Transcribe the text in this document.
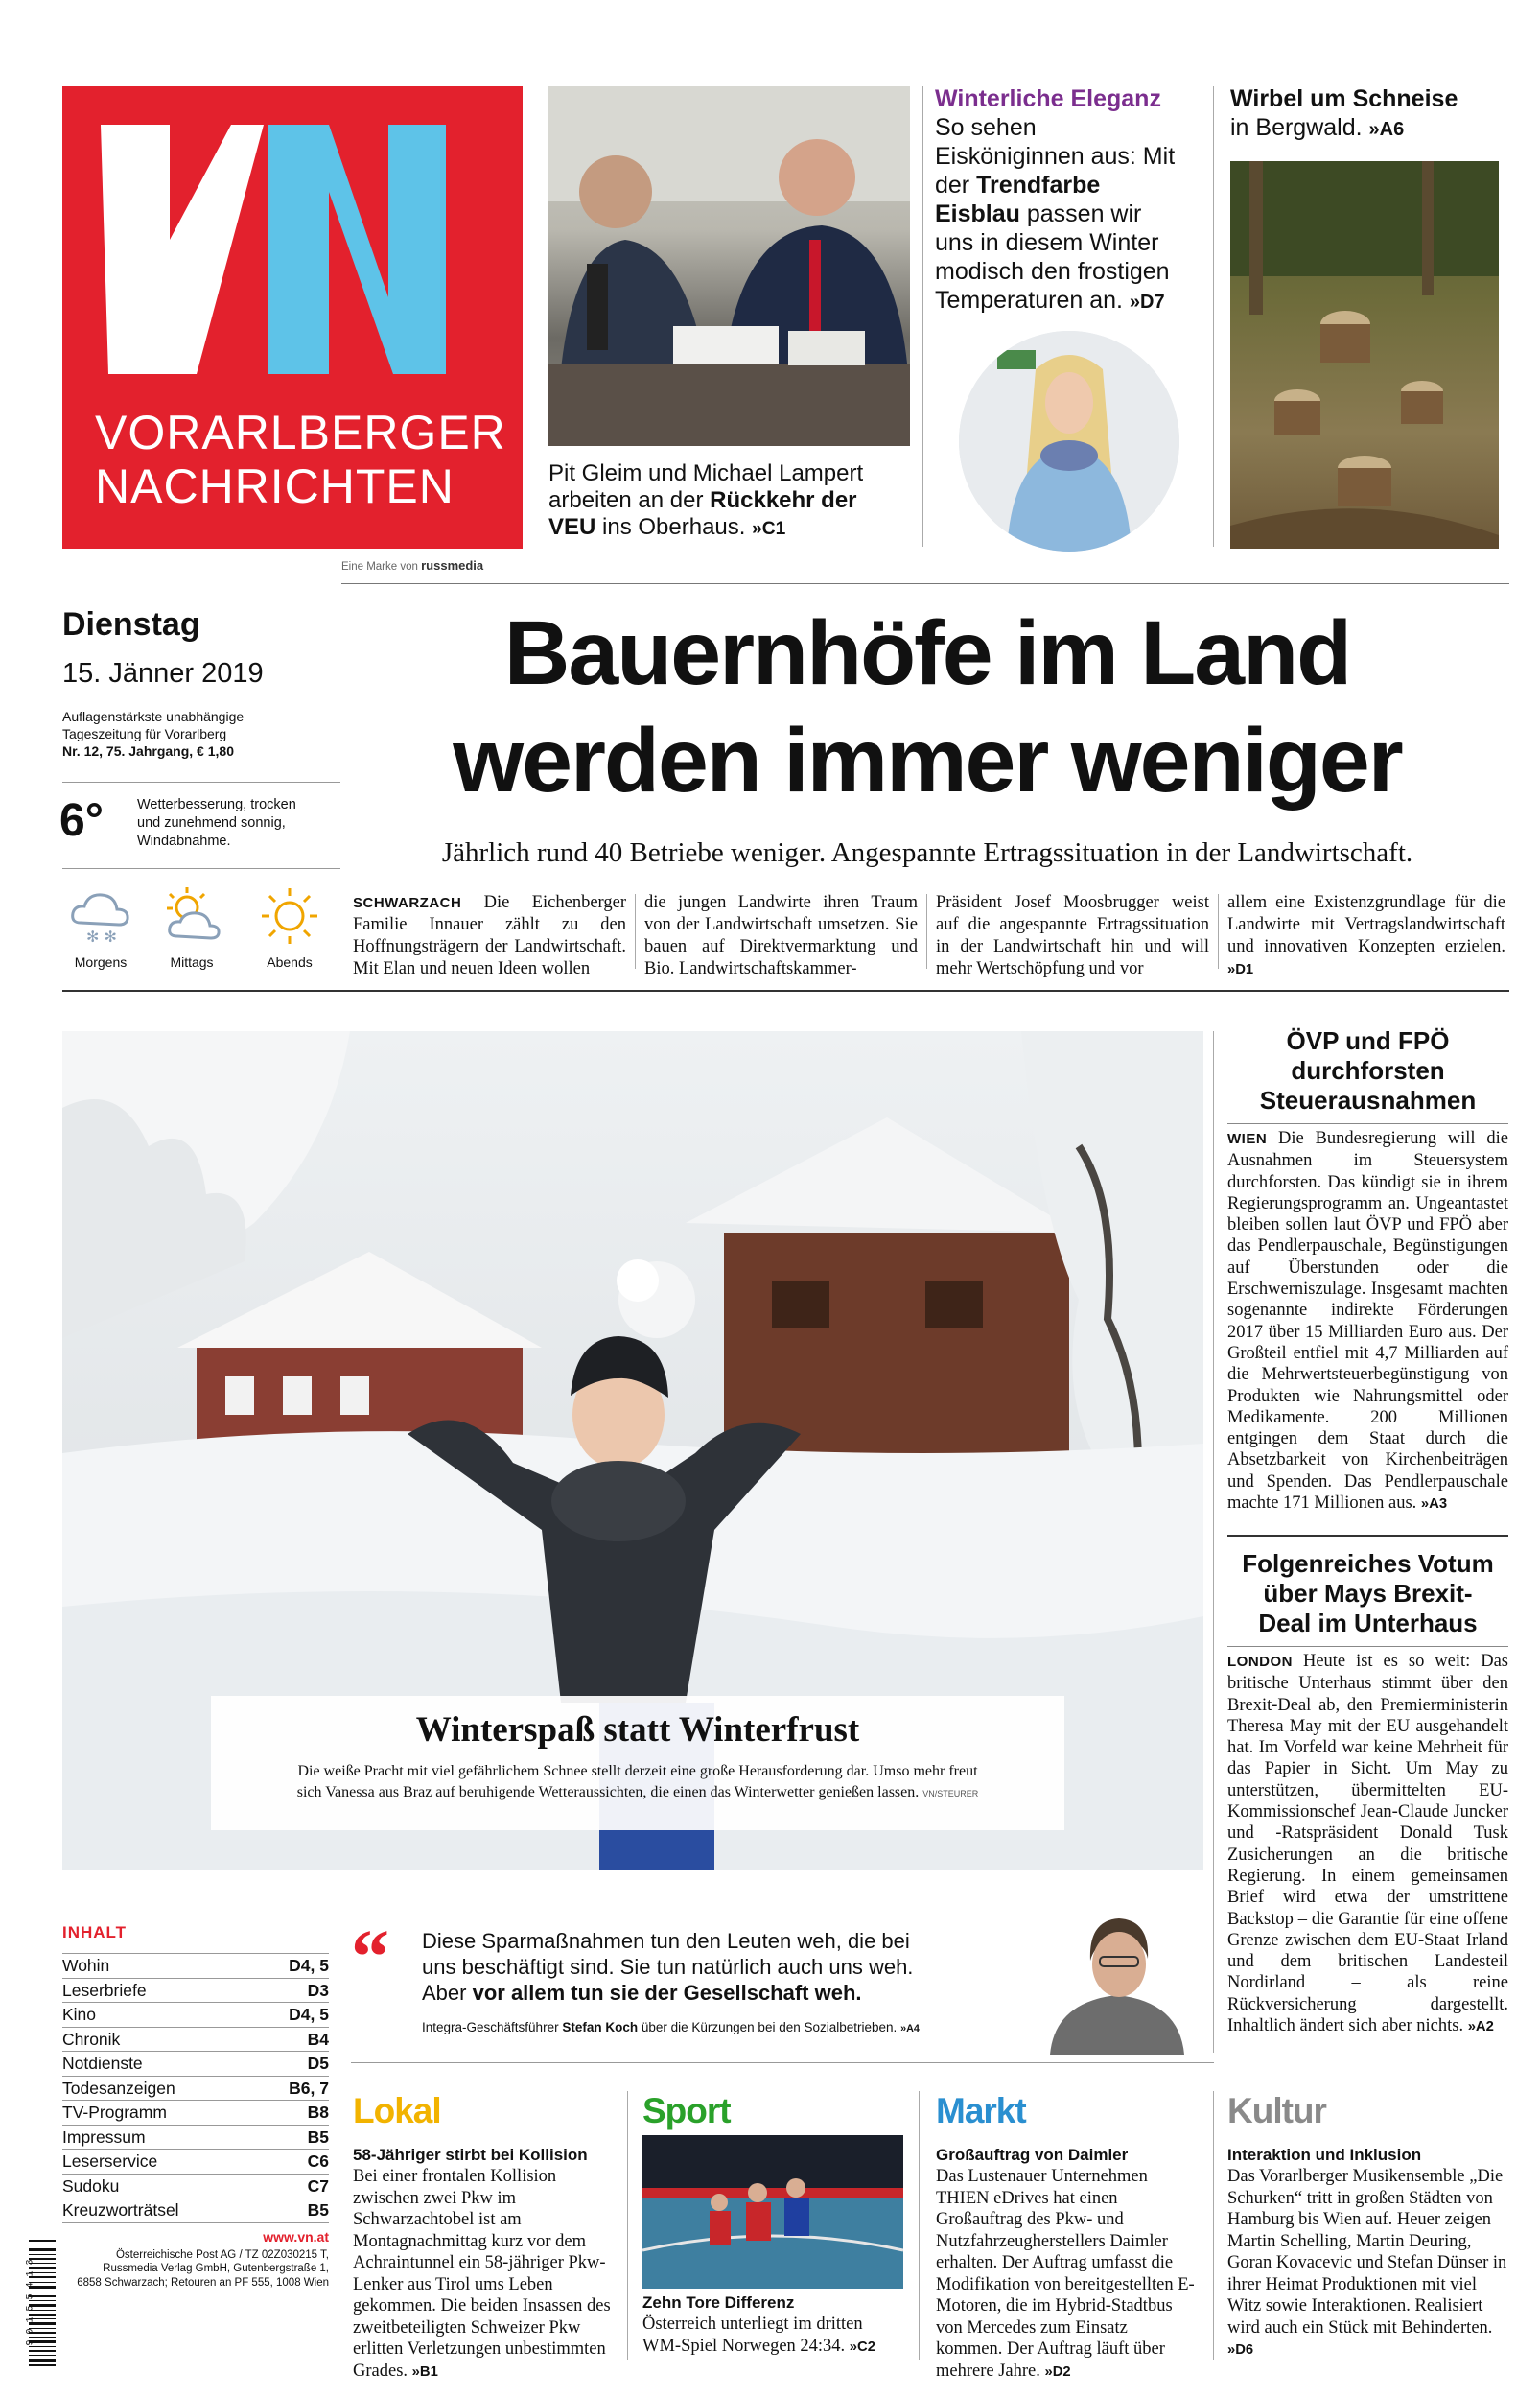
VORARLBERGER
NACHRICHTEN
Eine Marke von russmedia
Pit Gleim und Michael Lampert arbeiten an der Rückkehr der VEU ins Oberhaus. »C1
Winterliche Eleganz
So sehen Eisköniginnen aus: Mit der Trendfarbe Eisblau passen wir uns in diesem Winter modisch den frostigen Temperaturen an. »D7
Wirbel um Schneise
in Bergwald. »A6
Dienstag
15. Jänner 2019
Auflagenstärkste unabhängige
Tageszeitung für Vorarlberg
Nr. 12, 75. Jahrgang, € 1,80
6° Wetterbesserung, trocken
und zunehmend sonnig,
Windabnahme.
✻ ✻
Morgens	Mittags	Abends
Bauernhöfe im Land
werden immer weniger
Jährlich rund 40 Betriebe weniger. Angespannte Ertragssituation in der Landwirtschaft.
SCHWARZACH Die Eichenberger Familie Innauer zählt zu den Hoffnungsträgern der Landwirtschaft. Mit Elan und neuen Ideen wollen
die jungen Landwirte ihren Traum von der Landwirtschaft umsetzen. Sie bauen auf Direktvermarktung und Bio. Landwirtschaftskammer-
Präsident Josef Moosbrugger weist auf die angespannte Ertragssituation in der Landwirtschaft hin und will mehr Wertschöpfung und vor
allem eine Existenzgrundlage für die Landwirte mit Vertragslandwirtschaft und innovativen Konzepten erzielen. »D1
Winterspaß statt Winterfrust
Die weiße Pracht mit viel gefährlichem Schnee stellt derzeit eine große Herausforderung dar. Umso mehr freut
sich Vanessa aus Braz auf beruhigende Wetteraussichten, die einen das Winterwetter genießen lassen. VN/STEURER
ÖVP und FPÖ durchforsten Steuerausnahmen
WIEN Die Bundesregierung will die Ausnahmen im Steuersystem durchforsten. Das kündigt sie in ihrem Regierungsprogramm an. Ungeantastet bleiben sollen laut ÖVP und FPÖ aber das Pendlerpauschale, Begünstigungen auf Überstunden oder die Erschwerniszulage. Insgesamt machten sogenannte indirekte Förderungen 2017 über 15 Milliarden Euro aus. Der Großteil entfiel mit 4,7 Milliarden auf die Mehrwertsteuerbegünstigung von Produkten wie Nahrungsmittel oder Medikamente. 200 Millionen entgingen dem Staat durch die Absetzbarkeit von Kirchenbeiträgen und Spenden. Das Pendlerpauschale machte 171 Millionen aus. »A3
Folgenreiches Votum über Mays Brexit-Deal im Unterhaus
LONDON Heute ist es so weit: Das britische Unterhaus stimmt über den Brexit-Deal ab, den Premierministerin Theresa May mit der EU ausgehandelt hat. Im Vorfeld war keine Mehrheit für das Papier in Sicht. Um May zu unterstützen, übermittelten EU-Kommissionschef Jean-Claude Juncker und -Ratspräsident Donald Tusk Zusicherungen an die britische Regierung. In einem gemeinsamen Brief wird etwa der umstrittene Backstop – die Garantie für eine offene Grenze zwischen dem EU-Staat Irland und dem britischen Landesteil Nordirland – als reine Rückversicherung dargestellt. Inhaltlich ändert sich aber nichts. »A2
INHALT
Wohin	D4, 5
Leserbriefe	D3
Kino	D4, 5
Chronik	B4
Notdienste	D5
Todesanzeigen	B6, 7
TV-Programm	B8
Impressum	B5
Leserservice	C6
Sudoku	C7
Kreuzworträtsel	B5
9 0 1 5 5 4 1 3
www.vn.at
Österreichische Post AG / TZ 02Z030215 T,
Russmedia Verlag GmbH, Gutenbergstraße 1,
6858 Schwarzach; Retouren an PF 555, 1008 Wien
“ Diese Sparmaßnahmen tun den Leuten weh, die bei
uns beschäftigt sind. Sie tun natürlich auch uns weh.
Aber vor allem tun sie der Gesellschaft weh.
Integra-Geschäftsführer Stefan Koch über die Kürzungen bei den Sozialbetrieben. »A4
Lokal
58-Jähriger stirbt bei Kollision
Bei einer frontalen Kollision zwischen zwei Pkw im Schwarzachtobel ist am Montagnachmittag kurz vor dem Achraintunnel ein 58-jähriger Pkw-Lenker aus Tirol ums Leben gekommen. Die beiden Insassen des zweitbeteiligten Schweizer Pkw erlitten Verletzungen unbestimmten Grades. »B1
Sport
Zehn Tore Differenz
Österreich unterliegt im dritten WM-Spiel Norwegen 24:34. »C2
Markt
Großauftrag von Daimler
Das Lustenauer Unternehmen THIEN eDrives hat einen Großauftrag des Pkw- und Nutzfahrzeugherstellers Daimler erhalten. Der Auftrag umfasst die Modifikation von bereitgestellten E-Motoren, die im Hybrid-Stadtbus von Mercedes zum Einsatz kommen. Der Auftrag läuft über mehrere Jahre. »D2
Kultur
Interaktion und Inklusion
Das Vorarlberger Musikensemble „Die Schurken“ tritt in großen Städten von Hamburg bis Wien auf. Heuer zeigen Martin Schelling, Martin Deuring, Goran Kovacevic und Stefan Dünser in ihrer Heimat Produktionen mit viel Witz sowie Interaktionen. Realisiert wird auch ein Stück mit Behinderten. »D6
